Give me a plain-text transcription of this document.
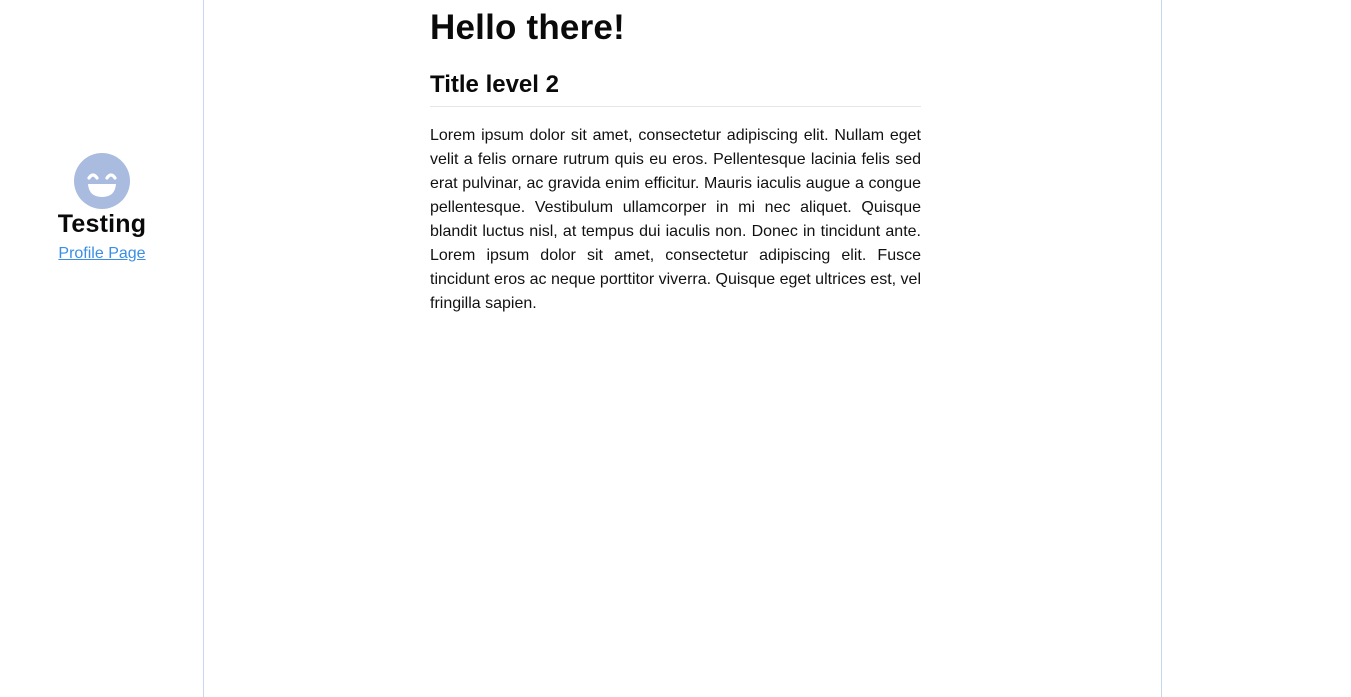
Testing
Profile Page
Hello there!
Title level 2

Lorem ipsum dolor sit amet, consectetur adipiscing elit. Nullam eget velit a felis ornare rutrum quis eu eros. Pellentesque lacinia felis sed erat pulvinar, ac gravida enim efficitur. Mauris iaculis augue a congue pellentesque. Vestibulum ullamcorper in mi nec aliquet. Quisque blandit luctus nisl, at tempus dui iaculis non. Donec in tincidunt ante. Lorem ipsum dolor sit amet, consectetur adipiscing elit. Fusce tincidunt eros ac neque porttitor viverra. Quisque eget ultrices est, vel fringilla sapien.
